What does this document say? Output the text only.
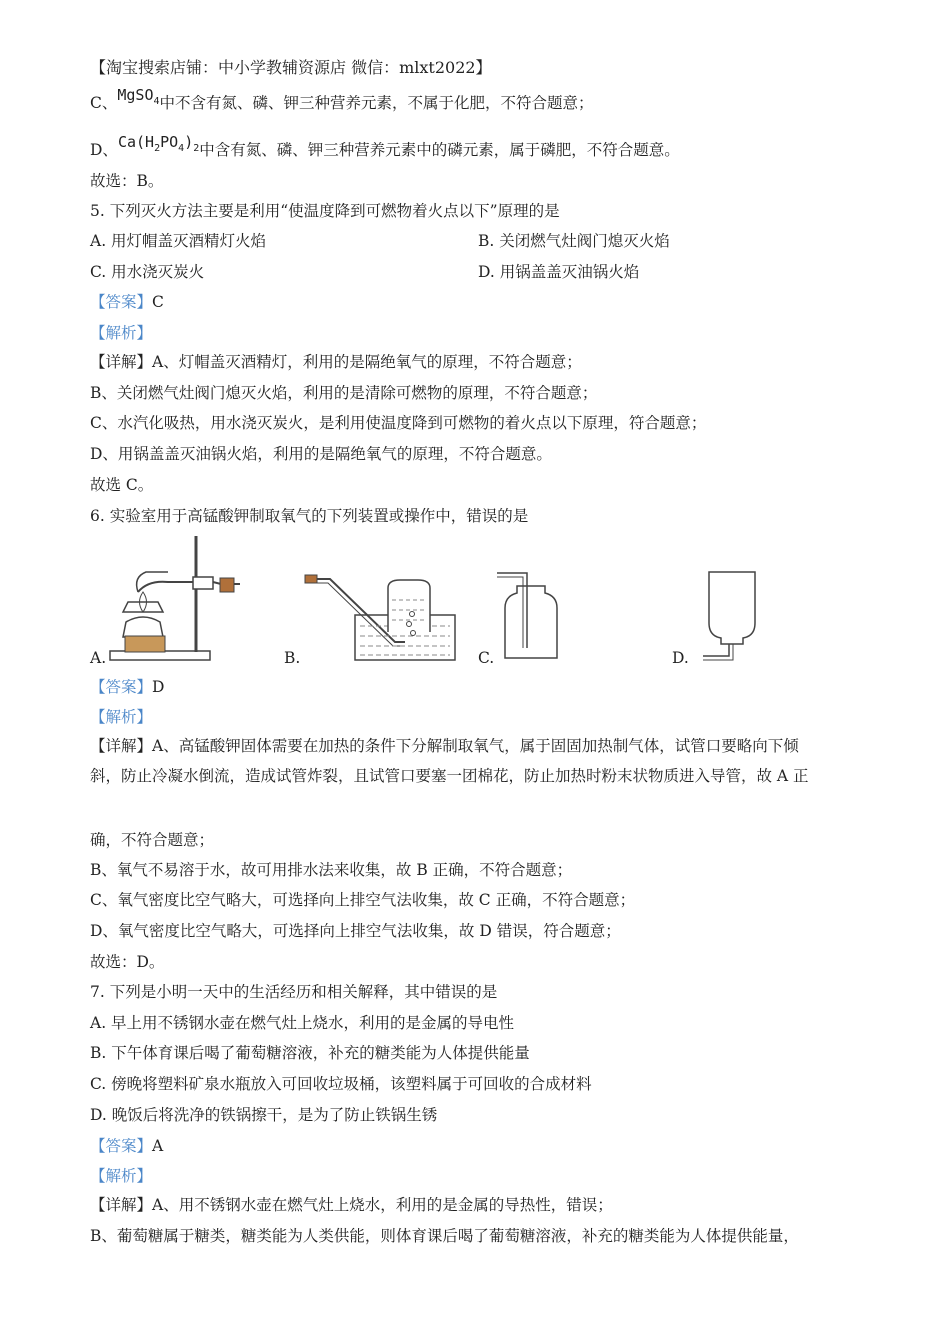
【淘宝搜索店铺：中小学教辅资源店 微信：mlxt2022】
C、MgSO$_4$中不含有氮、磷、钾三种营养元素，不属于化肥，不符合题意；
D、$Ca(H_2PO_4)_2$中含有氮、磷、钾三种营养元素中的磷元素，属于磷肥，不符合题意。
故选：B。
5. 下列灭火方法主要是利用“使温度降到可燃物着火点以下”原理的是
A. 用灯帽盖灭酒精灯火焰	B. 关闭燃气灶阀门熄灭火焰
C. 用水浇灭炭火	D. 用锅盖盖灭油锅火焰
【答案】C
【解析】
【详解】A、灯帽盖灭酒精灯，利用的是隔绝氧气的原理，不符合题意；
B、关闭燃气灶阀门熄灭火焰，利用的是清除可燃物的原理，不符合题意；
C、水汽化吸热，用水浇灭炭火，是利用使温度降到可燃物的着火点以下原理，符合题意；
D、用锅盖盖灭油锅火焰，利用的是隔绝氧气的原理，不符合题意。
故选 C。
6. 实验室用于高锰酸钾制取氧气的下列装置或操作中，错误的是
A.	B.	C.	D.
【答案】D
【解析】
【详解】A、高锰酸钾固体需要在加热的条件下分解制取氧气，属于固固加热制气体，试管口要略向下倾
斜，防止冷凝水倒流，造成试管炸裂，且试管口要塞一团棉花，防止加热时粉末状物质进入导管，故 A 正
确，不符合题意；
B、氧气不易溶于水，故可用排水法来收集，故 B 正确，不符合题意；
C、氧气密度比空气略大，可选择向上排空气法收集，故 C 正确，不符合题意；
D、氧气密度比空气略大，可选择向上排空气法收集，故 D 错误，符合题意；
故选：D。
7. 下列是小明一天中的生活经历和相关解释，其中错误的是
A. 早上用不锈钢水壶在燃气灶上烧水，利用的是金属的导电性
B. 下午体育课后喝了葡萄糖溶液，补充的糖类能为人体提供能量
C. 傍晚将塑料矿泉水瓶放入可回收垃圾桶，该塑料属于可回收的合成材料
D. 晚饭后将洗净的铁锅擦干，是为了防止铁锅生锈
【答案】A
【解析】
【详解】A、用不锈钢水壶在燃气灶上烧水，利用的是金属的导热性，错误；
B、葡萄糖属于糖类，糖类能为人类供能，则体育课后喝了葡萄糖溶液，补充的糖类能为人体提供能量，
